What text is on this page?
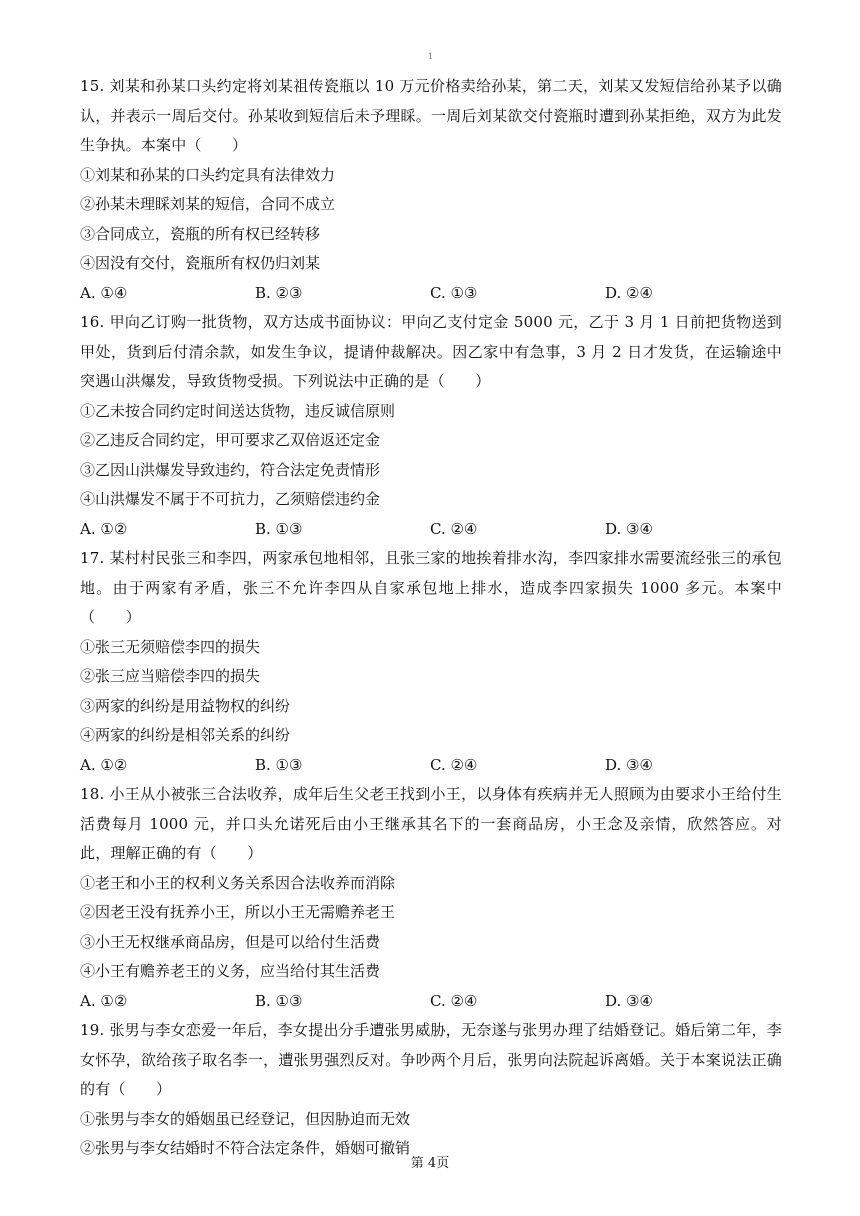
1

15. 刘某和孙某口头约定将刘某祖传瓷瓶以 10 万元价格卖给孙某，第二天，刘某又发短信给孙某予以确认，并表示一周后交付。孙某收到短信后未予理睬。一周后刘某欲交付瓷瓶时遭到孙某拒绝，双方为此发生争执。本案中（　　）

①刘某和孙某的口头约定具有法律效力

②孙某未理睬刘某的短信，合同不成立

③合同成立，瓷瓶的所有权已经转移

④因没有交付，瓷瓶所有权仍归刘某

A. ①④	B. ②③	C. ①③	D. ②④

16. 甲向乙订购一批货物，双方达成书面协议：甲向乙支付定金 5000 元，乙于 3 月 1 日前把货物送到甲处，货到后付清余款，如发生争议，提请仲裁解决。因乙家中有急事，3 月 2 日才发货，在运输途中突遇山洪爆发，导致货物受损。下列说法中正确的是（　　）

①乙未按合同约定时间送达货物，违反诚信原则

②乙违反合同约定，甲可要求乙双倍返还定金

③乙因山洪爆发导致违约，符合法定免责情形

④山洪爆发不属于不可抗力，乙须赔偿违约金

A. ①②	B. ①③	C. ②④	D. ③④

17. 某村村民张三和李四，两家承包地相邻，且张三家的地挨着排水沟，李四家排水需要流经张三的承包地。由于两家有矛盾，张三不允许李四从自家承包地上排水，造成李四家损失 1000 多元。本案中（　　）

①张三无须赔偿李四的损失

②张三应当赔偿李四的损失

③两家的纠纷是用益物权的纠纷

④两家的纠纷是相邻关系的纠纷

A. ①②	B. ①③	C. ②④	D. ③④

18. 小王从小被张三合法收养，成年后生父老王找到小王，以身体有疾病并无人照顾为由要求小王给付生活费每月 1000 元，并口头允诺死后由小王继承其名下的一套商品房，小王念及亲情，欣然答应。对此，理解正确的有（　　）

①老王和小王的权利义务关系因合法收养而消除

②因老王没有抚养小王，所以小王无需赡养老王

③小王无权继承商品房，但是可以给付生活费

④小王有赡养老王的义务，应当给付其生活费

A. ①②	B. ①③	C. ②④	D. ③④

19. 张男与李女恋爱一年后，李女提出分手遭张男威胁，无奈遂与张男办理了结婚登记。婚后第二年，李女怀孕，欲给孩子取名李一，遭张男强烈反对。争吵两个月后，张男向法院起诉离婚。关于本案说法正确的有（　　）

①张男与李女的婚姻虽已经登记，但因胁迫而无效

②张男与李女结婚时不符合法定条件，婚姻可撤销

第 4页
